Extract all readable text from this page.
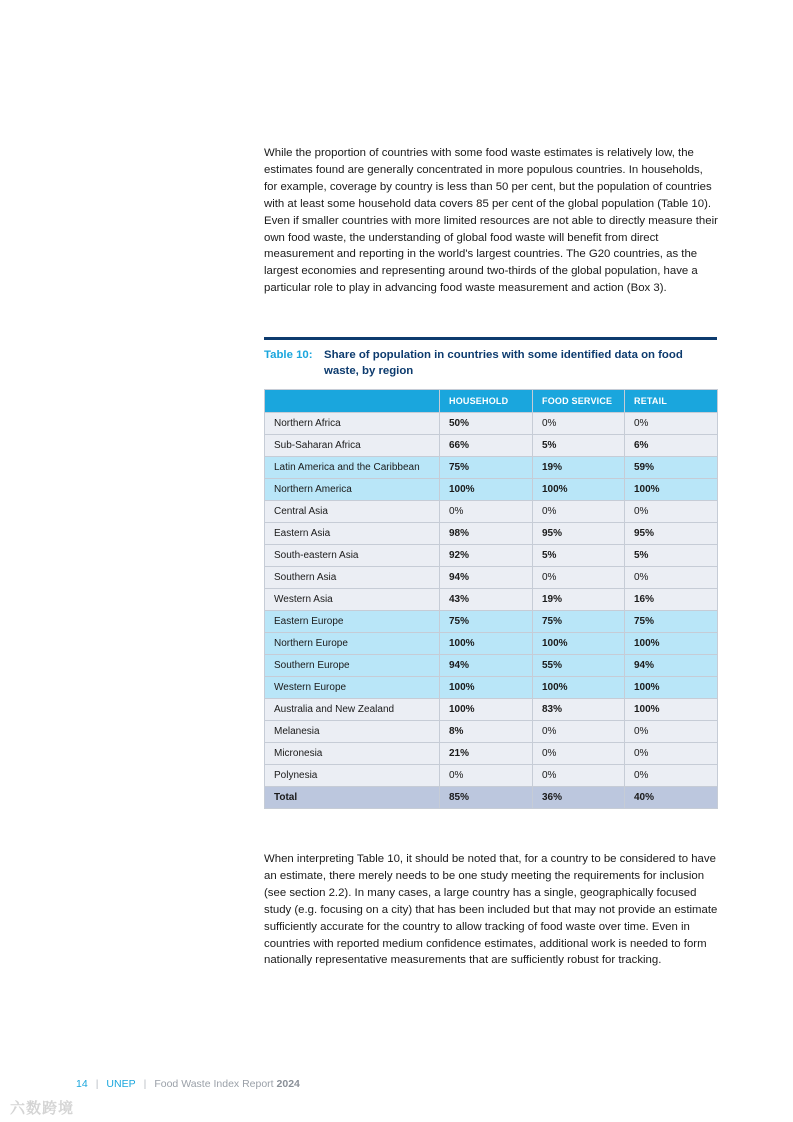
While the proportion of countries with some food waste estimates is relatively low, the estimates found are generally concentrated in more populous countries. In households, for example, coverage by country is less than 50 per cent, but the population of countries with at least some household data covers 85 per cent of the global population (Table 10). Even if smaller countries with more limited resources are not able to directly measure their own food waste, the understanding of global food waste will benefit from direct measurement and reporting in the world's largest countries. The G20 countries, as the largest economies and representing around two-thirds of the global population, have a particular role to play in advancing food waste measurement and action (Box 3).

Table 10:	Share of population in countries with some identified data on food waste, by region
	HOUSEHOLD	FOOD SERVICE	RETAIL
Northern Africa	50%	0%	0%
Sub-Saharan Africa	66%	5%	6%
Latin America and the Caribbean	75%	19%	59%
Northern America	100%	100%	100%
Central Asia	0%	0%	0%
Eastern Asia	98%	95%	95%
South-eastern Asia	92%	5%	5%
Southern Asia	94%	0%	0%
Western Asia	43%	19%	16%
Eastern Europe	75%	75%	75%
Northern Europe	100%	100%	100%
Southern Europe	94%	55%	94%
Western Europe	100%	100%	100%
Australia and New Zealand	100%	83%	100%
Melanesia	8%	0%	0%
Micronesia	21%	0%	0%
Polynesia	0%	0%	0%
Total	85%	36%	40%

When interpreting Table 10, it should be noted that, for a country to be considered to have an estimate, there merely needs to be one study meeting the requirements for inclusion (see section 2.2). In many cases, a large country has a single, geographically focused study (e.g. focusing on a city) that has been included but that may not provide an estimate sufficiently accurate for the country to allow tracking of food waste over time. Even in countries with reported medium confidence estimates, additional work is needed to form nationally representative measurements that are sufficiently robust for tracking.

14 | UNEP | Food Waste Index Report 2024
六数跨境
